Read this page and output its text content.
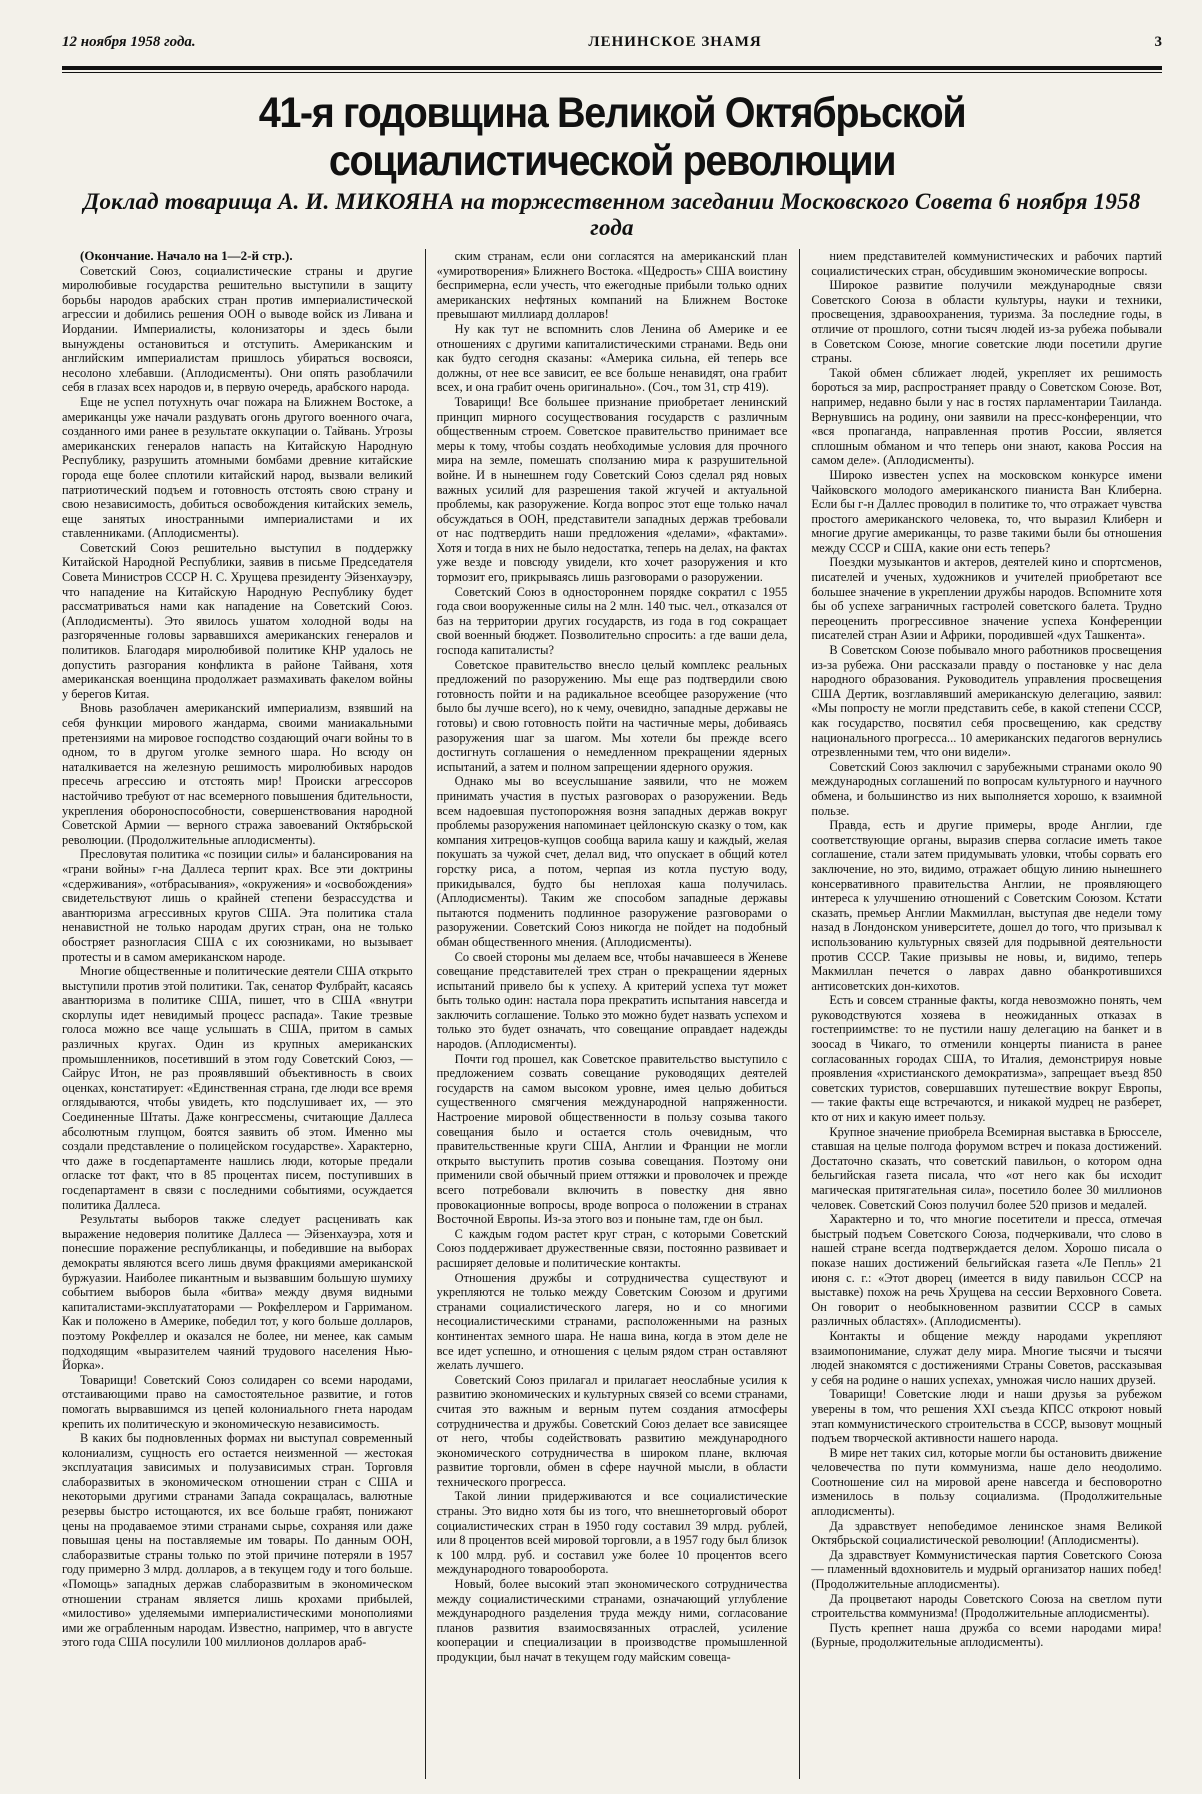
12 ноября 1958 года.	ЛЕНИНСКОЕ ЗНАМЯ	3
41-я годовщина Великой Октябрьской социалистической революции
Доклад товарища А. И. МИКОЯНА на торжественном заседании Московского Совета 6 ноября 1958 года

(Окончание. Начало на 1—2-й стр.).

Советский Союз, социалистические страны и другие миролюбивые государства решительно выступили в защиту борьбы народов арабских стран против империалистической агрессии и добились решения ООН о выводе войск из Ливана и Иордании. Империалисты, колонизаторы и здесь были вынуждены остановиться и отступить. Американским и английским империалистам пришлось убираться восвояси, несолоно хлебавши. (Аплодисменты). Они опять разоблачили себя в глазах всех народов и, в первую очередь, арабского народа.

Еще не успел потухнуть очаг пожара на Ближнем Востоке, а американцы уже начали раздувать огонь другого военного очага, созданного ими ранее в результате оккупации о. Тайвань. Угрозы американских генералов напасть на Китайскую Народную Республику, разрушить атомными бомбами древние китайские города еще более сплотили китайский народ, вызвали великий патриотический подъем и готовность отстоять свою страну и свою независимость, добиться освобождения китайских земель, еще занятых иностранными империалистами и их ставленниками. (Аплодисменты).

Советский Союз решительно выступил в поддержку Китайской Народной Республики, заявив в письме Председателя Совета Министров СССР Н. С. Хрущева президенту Эйзенхауэру, что нападение на Китайскую Народную Республику будет рассматриваться нами как нападение на Советский Союз. (Аплодисменты). Это явилось ушатом холодной воды на разгоряченные головы зарвавшихся американских генералов и политиков. Благодаря миролюбивой политике КНР удалось не допустить разгорания конфликта в районе Тайваня, хотя американская военщина продолжает размахивать факелом войны у берегов Китая.

Вновь разоблачен американский империализм, взявший на себя функции мирового жандарма, своими маниакальными претензиями на мировое господство создающий очаги войны то в одном, то в другом уголке земного шара. Но всюду он наталкивается на железную решимость миролюбивых народов пресечь агрессию и отстоять мир! Происки агрессоров настойчиво требуют от нас всемерного повышения бдительности, укрепления обороноспособности, совершенствования народной Советской Армии — верного стража завоеваний Октябрьской революции. (Продолжительные аплодисменты).

Пресловутая политика «с позиции силы» и балансирования на «грани войны» г-на Даллеса терпит крах. Все эти доктрины «сдерживания», «отбрасывания», «окружения» и «освобождения» свидетельствуют лишь о крайней степени безрассудства и авантюризма агрессивных кругов США. Эта политика стала ненавистной не только народам других стран, она не только обостряет разногласия США с их союзниками, но вызывает протесты и в самом американском народе.

Многие общественные и политические деятели США открыто выступили против этой политики. Так, сенатор Фулбрайт, касаясь авантюризма в политике США, пишет, что в США «внутри скорлупы идет невидимый процесс распада». Такие трезвые голоса можно все чаще услышать в США, притом в самых различных кругах. Один из крупных американских промышленников, посетивший в этом году Советский Союз, — Сайрус Итон, не раз проявлявший объективность в своих оценках, констатирует: «Единственная страна, где люди все время оглядываются, чтобы увидеть, кто подслушивает их, — это Соединенные Штаты. Даже конгрессмены, считающие Даллеса абсолютным глупцом, боятся заявить об этом. Именно мы создали представление о полицейском государстве». Характерно, что даже в госдепартаменте нашлись люди, которые предали огласке тот факт, что в 85 процентах писем, поступивших в госдепартамент в связи с последними событиями, осуждается политика Даллеса.

Результаты выборов также следует расценивать как выражение недоверия политике Даллеса — Эйзенхауэра, хотя и понесшие поражение республиканцы, и победившие на выборах демократы являются всего лишь двумя фракциями американской буржуазии. Наиболее пикантным и вызвавшим большую шумиху событием выборов была «битва» между двумя видными капиталистами-эксплуататорами — Рокфеллером и Гарриманом. Как и положено в Америке, победил тот, у кого больше долларов, поэтому Рокфеллер и оказался не более, ни менее, как самым подходящим «выразителем чаяний трудового населения Нью-Йорка».

Товарищи! Советский Союз солидарен со всеми народами, отстаивающими право на самостоятельное развитие, и готов помогать вырвавшимся из цепей колониального гнета народам крепить их политическую и экономическую независимость.

В каких бы подновленных формах ни выступал современный колониализм, сущность его остается неизменной — жестокая эксплуатация зависимых и полузависимых стран. Торговля слаборазвитых в экономическом отношении стран с США и некоторыми другими странами Запада сокращалась, валютные резервы быстро истощаются, их все больше грабят, понижают цены на продаваемое этими странами сырье, сохраняя или даже повышая цены на поставляемые им товары. По данным ООН, слаборазвитые страны только по этой причине потеряли в 1957 году примерно 3 млрд. долларов, а в текущем году и того больше. «Помощь» западных держав слаборазвитым в экономическом отношении странам является лишь крохами прибылей, «милостиво» уделяемыми империалистическими монополиями ими же ограбленным народам. Известно, например, что в августе этого года США посулили 100 миллионов долларов араб-

ским странам, если они согласятся на американский план «умиротворения» Ближнего Востока. «Щедрость» США воистину беспримерна, если учесть, что ежегодные прибыли только одних американских нефтяных компаний на Ближнем Востоке превышают миллиард долларов!

Ну как тут не вспомнить слов Ленина об Америке и ее отношениях с другими капиталистическими странами. Ведь они как будто сегодня сказаны: «Америка сильна, ей теперь все должны, от нее все зависит, ее все больше ненавидят, она грабит всех, и она грабит очень оригинально». (Соч., том 31, стр 419).

Товарищи! Все большее признание приобретает ленинский принцип мирного сосуществования государств с различным общественным строем. Советское правительство принимает все меры к тому, чтобы создать необходимые условия для прочного мира на земле, помешать сползанию мира к разрушительной войне. И в нынешнем году Советский Союз сделал ряд новых важных усилий для разрешения такой жгучей и актуальной проблемы, как разоружение. Когда вопрос этот еще только начал обсуждаться в ООН, представители западных держав требовали от нас подтвердить наши предложения «делами», «фактами». Хотя и тогда в них не было недостатка, теперь на делах, на фактах уже везде и повсюду увидели, кто хочет разоружения и кто тормозит его, прикрываясь лишь разговорами о разоружении.

Советский Союз в одностороннем порядке сократил с 1955 года свои вооруженные силы на 2 млн. 140 тыс. чел., отказался от баз на территории других государств, из года в год сокращает свой военный бюджет. Позволительно спросить: а где ваши дела, господа капиталисты?

Советское правительство внесло целый комплекс реальных предложений по разоружению. Мы еще раз подтвердили свою готовность пойти и на радикальное всеобщее разоружение (что было бы лучше всего), но к чему, очевидно, западные державы не готовы) и свою готовность пойти на частичные меры, добиваясь разоружения шаг за шагом. Мы хотели бы прежде всего достигнуть соглашения о немедленном прекращении ядерных испытаний, а затем и полном запрещении ядерного оружия.

Однако мы во всеуслышание заявили, что не можем принимать участия в пустых разговорах о разоружении. Ведь всем надоевшая пустопорожняя возня западных держав вокруг проблемы разоружения напоминает цейлонскую сказку о том, как компания хитрецов-купцов сообща варила кашу и каждый, желая покушать за чужой счет, делал вид, что опускает в общий котел горстку риса, а потом, черпая из котла пустую воду, прикидывался, будто бы неплохая каша получилась. (Аплодисменты). Таким же способом западные державы пытаются подменить подлинное разоружение разговорами о разоружении. Советский Союз никогда не пойдет на подобный обман общественного мнения. (Аплодисменты).

Со своей стороны мы делаем все, чтобы начавшееся в Женеве совещание представителей трех стран о прекращении ядерных испытаний привело бы к успеху. А критерий успеха тут может быть только один: настала пора прекратить испытания навсегда и заключить соглашение. Только это можно будет назвать успехом и только это будет означать, что совещание оправдает надежды народов. (Аплодисменты).

Почти год прошел, как Советское правительство выступило с предложением созвать совещание руководящих деятелей государств на самом высоком уровне, имея целью добиться существенного смягчения международной напряженности. Настроение мировой общественности в пользу созыва такого совещания было и остается столь очевидным, что правительственные круги США, Англии и Франции не могли открыто выступить против созыва совещания. Поэтому они применили свой обычный прием оттяжки и проволочек и прежде всего потребовали включить в повестку дня явно провокационные вопросы, вроде вопроса о положении в странах Восточной Европы. Из-за этого воз и поныне там, где он был.

С каждым годом растет круг стран, с которыми Советский Союз поддерживает дружественные связи, постоянно развивает и расширяет деловые и политические контакты.

Отношения дружбы и сотрудничества существуют и укрепляются не только между Советским Союзом и другими странами социалистического лагеря, но и со многими несоциалистическими странами, расположенными на разных континентах земного шара. Не наша вина, когда в этом деле не все идет успешно, и отношения с целым рядом стран оставляют желать лучшего.

Советский Союз прилагал и прилагает неослабные усилия к развитию экономических и культурных связей со всеми странами, считая это важным и верным путем создания атмосферы сотрудничества и дружбы. Советский Союз делает все зависящее от него, чтобы содействовать развитию международного экономического сотрудничества в широком плане, включая развитие торговли, обмен в сфере научной мысли, в области технического прогресса.

Такой линии придерживаются и все социалистические страны. Это видно хотя бы из того, что внешнеторговый оборот социалистических стран в 1950 году составил 39 млрд. рублей, или 8 процентов всей мировой торговли, а в 1957 году был близок к 100 млрд. руб. и составил уже более 10 процентов всего международного товарооборота.

Новый, более высокий этап экономического сотрудничества между социалистическими странами, означающий углубление международного разделения труда между ними, согласование планов развития взаимосвязанных отраслей, усиление кооперации и специализации в производстве промышленной продукции, был начат в текущем году майским совеща-

нием представителей коммунистических и рабочих партий социалистических стран, обсудившим экономические вопросы.

Широкое развитие получили международные связи Советского Союза в области культуры, науки и техники, просвещения, здравоохранения, туризма. За последние годы, в отличие от прошлого, сотни тысяч людей из-за рубежа побывали в Советском Союзе, многие советские люди посетили другие страны.

Такой обмен сближает людей, укрепляет их решимость бороться за мир, распространяет правду о Советском Союзе. Вот, например, недавно были у нас в гостях парламентарии Таиланда. Вернувшись на родину, они заявили на пресс-конференции, что «вся пропаганда, направленная против России, является сплошным обманом и что теперь они знают, какова Россия на самом деле». (Аплодисменты).

Широко известен успех на московском конкурсе имени Чайковского молодого американского пианиста Ван Клиберна. Если бы г-н Даллес проводил в политике то, что отражает чувства простого американского человека, то, что выразил Клиберн и многие другие американцы, то разве такими были бы отношения между СССР и США, какие они есть теперь?

Поездки музыкантов и актеров, деятелей кино и спортсменов, писателей и ученых, художников и учителей приобретают все большее значение в укреплении дружбы народов. Вспомните хотя бы об успехе заграничных гастролей советского балета. Трудно переоценить прогрессивное значение успеха Конференции писателей стран Азии и Африки, породившей «дух Ташкента».

В Советском Союзе побывало много работников просвещения из-за рубежа. Они рассказали правду о постановке у нас дела народного образования. Руководитель управления просвещения США Дертик, возглавлявший американскую делегацию, заявил: «Мы попросту не могли представить себе, в какой степени СССР, как государство, посвятил себя просвещению, как средству национального прогресса... 10 американских педагогов вернулись отрезвленными тем, что они видели».

Советский Союз заключил с зарубежными странами около 90 международных соглашений по вопросам культурного и научного обмена, и большинство из них выполняется хорошо, к взаимной пользе.

Правда, есть и другие примеры, вроде Англии, где соответствующие органы, выразив сперва согласие иметь такое соглашение, стали затем придумывать уловки, чтобы сорвать его заключение, но это, видимо, отражает общую линию нынешнего консервативного правительства Англии, не проявляющего интереса к улучшению отношений с Советским Союзом. Кстати сказать, премьер Англии Макмиллан, выступая две недели тому назад в Лондонском университете, дошел до того, что призывал к использованию культурных связей для подрывной деятельности против СССР. Такие призывы не новы, и, видимо, теперь Макмиллан печется о лаврах давно обанкротившихся антисоветских дон-кихотов.

Есть и совсем странные факты, когда невозможно понять, чем руководствуются хозяева в неожиданных отказах в гостеприимстве: то не пустили нашу делегацию на банкет и в зоосад в Чикаго, то отменили концерты пианиста в ранее согласованных городах США, то Италия, демонстрируя новые проявления «христианского демократизма», запрещает въезд 850 советских туристов, совершавших путешествие вокруг Европы, — такие факты еще встречаются, и никакой мудрец не разберет, кто от них и какую имеет пользу.

Крупное значение приобрела Всемирная выставка в Брюсселе, ставшая на целые полгода форумом встреч и показа достижений. Достаточно сказать, что советский павильон, о котором одна бельгийская газета писала, что «от него как бы исходит магическая притягательная сила», посетило более 30 миллионов человек. Советский Союз получил более 520 призов и медалей.

Характерно и то, что многие посетители и пресса, отмечая быстрый подъем Советского Союза, подчеркивали, что слово в нашей стране всегда подтверждается делом. Хорошо писала о показе наших достижений бельгийская газета «Ле Пепль» 21 июня с. г.: «Этот дворец (имеется в виду павильон СССР на выставке) похож на речь Хрущева на сессии Верховного Совета. Он говорит о необыкновенном развитии СССР в самых различных областях». (Аплодисменты).

Контакты и общение между народами укрепляют взаимопонимание, служат делу мира. Многие тысячи и тысячи людей знакомятся с достижениями Страны Советов, рассказывая у себя на родине о наших успехах, умножая число наших друзей.

Товарищи! Советские люди и наши друзья за рубежом уверены в том, что решения XXI съезда КПСС откроют новый этап коммунистического строительства в СССР, вызовут мощный подъем творческой активности нашего народа.

В мире нет таких сил, которые могли бы остановить движение человечества по пути коммунизма, наше дело неодолимо. Соотношение сил на мировой арене навсегда и бесповоротно изменилось в пользу социализма. (Продолжительные аплодисменты).

Да здравствует непобедимое ленинское знамя Великой Октябрьской социалистической революции! (Аплодисменты).

Да здравствует Коммунистическая партия Советского Союза — пламенный вдохновитель и мудрый организатор наших побед! (Продолжительные аплодисменты).

Да процветают народы Советского Союза на светлом пути строительства коммунизма! (Продолжительные аплодисменты).

Пусть крепнет наша дружба со всеми народами мира! (Бурные, продолжительные аплодисменты).
